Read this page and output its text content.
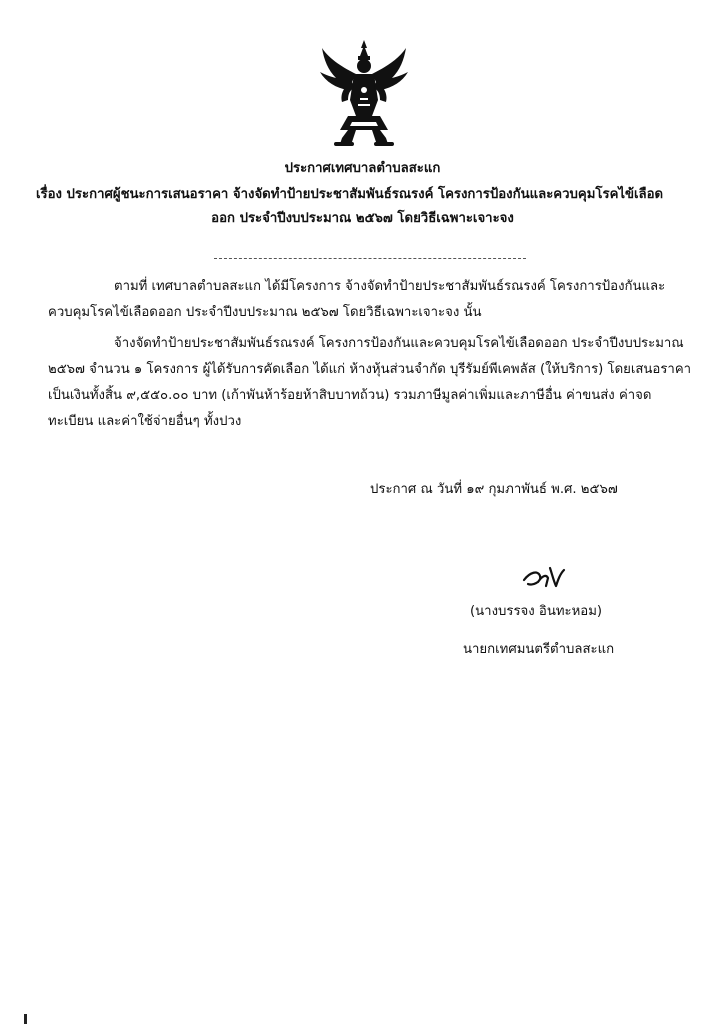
ประกาศเทศบาลตำบลสะแก
เรื่อง ประกาศผู้ชนะการเสนอราคา จ้างจัดทำป้ายประชาสัมพันธ์รณรงค์ โครงการป้องกันและควบคุมโรคไข้เลือด
ออก ประจำปีงบประมาณ ๒๕๖๗ โดยวิธีเฉพาะเจาะจง
ตามที่ เทศบาลตำบลสะแก ได้มีโครงการ จ้างจัดทำป้ายประชาสัมพันธ์รณรงค์ โครงการป้องกันและ
ควบคุมโรคไข้เลือดออก ประจำปีงบประมาณ ๒๕๖๗ โดยวิธีเฉพาะเจาะจง นั้น
จ้างจัดทำป้ายประชาสัมพันธ์รณรงค์ โครงการป้องกันและควบคุมโรคไข้เลือดออก ประจำปีงบประมาณ
๒๕๖๗ จำนวน ๑ โครงการ ผู้ได้รับการคัดเลือก ได้แก่ ห้างหุ้นส่วนจำกัด บุรีรัมย์พีเคพลัส (ให้บริการ) โดยเสนอราคา
เป็นเงินทั้งสิ้น ๙,๕๕๐.๐๐ บาท (เก้าพันห้าร้อยห้าสิบบาทถ้วน) รวมภาษีมูลค่าเพิ่มและภาษีอื่น ค่าขนส่ง ค่าจด
ทะเบียน และค่าใช้จ่ายอื่นๆ ทั้งปวง
ประกาศ ณ วันที่ ๑๙ กุมภาพันธ์ พ.ศ. ๒๕๖๗
(นางบรรจง อินทะหอม)
นายกเทศมนตรีตำบลสะแก
